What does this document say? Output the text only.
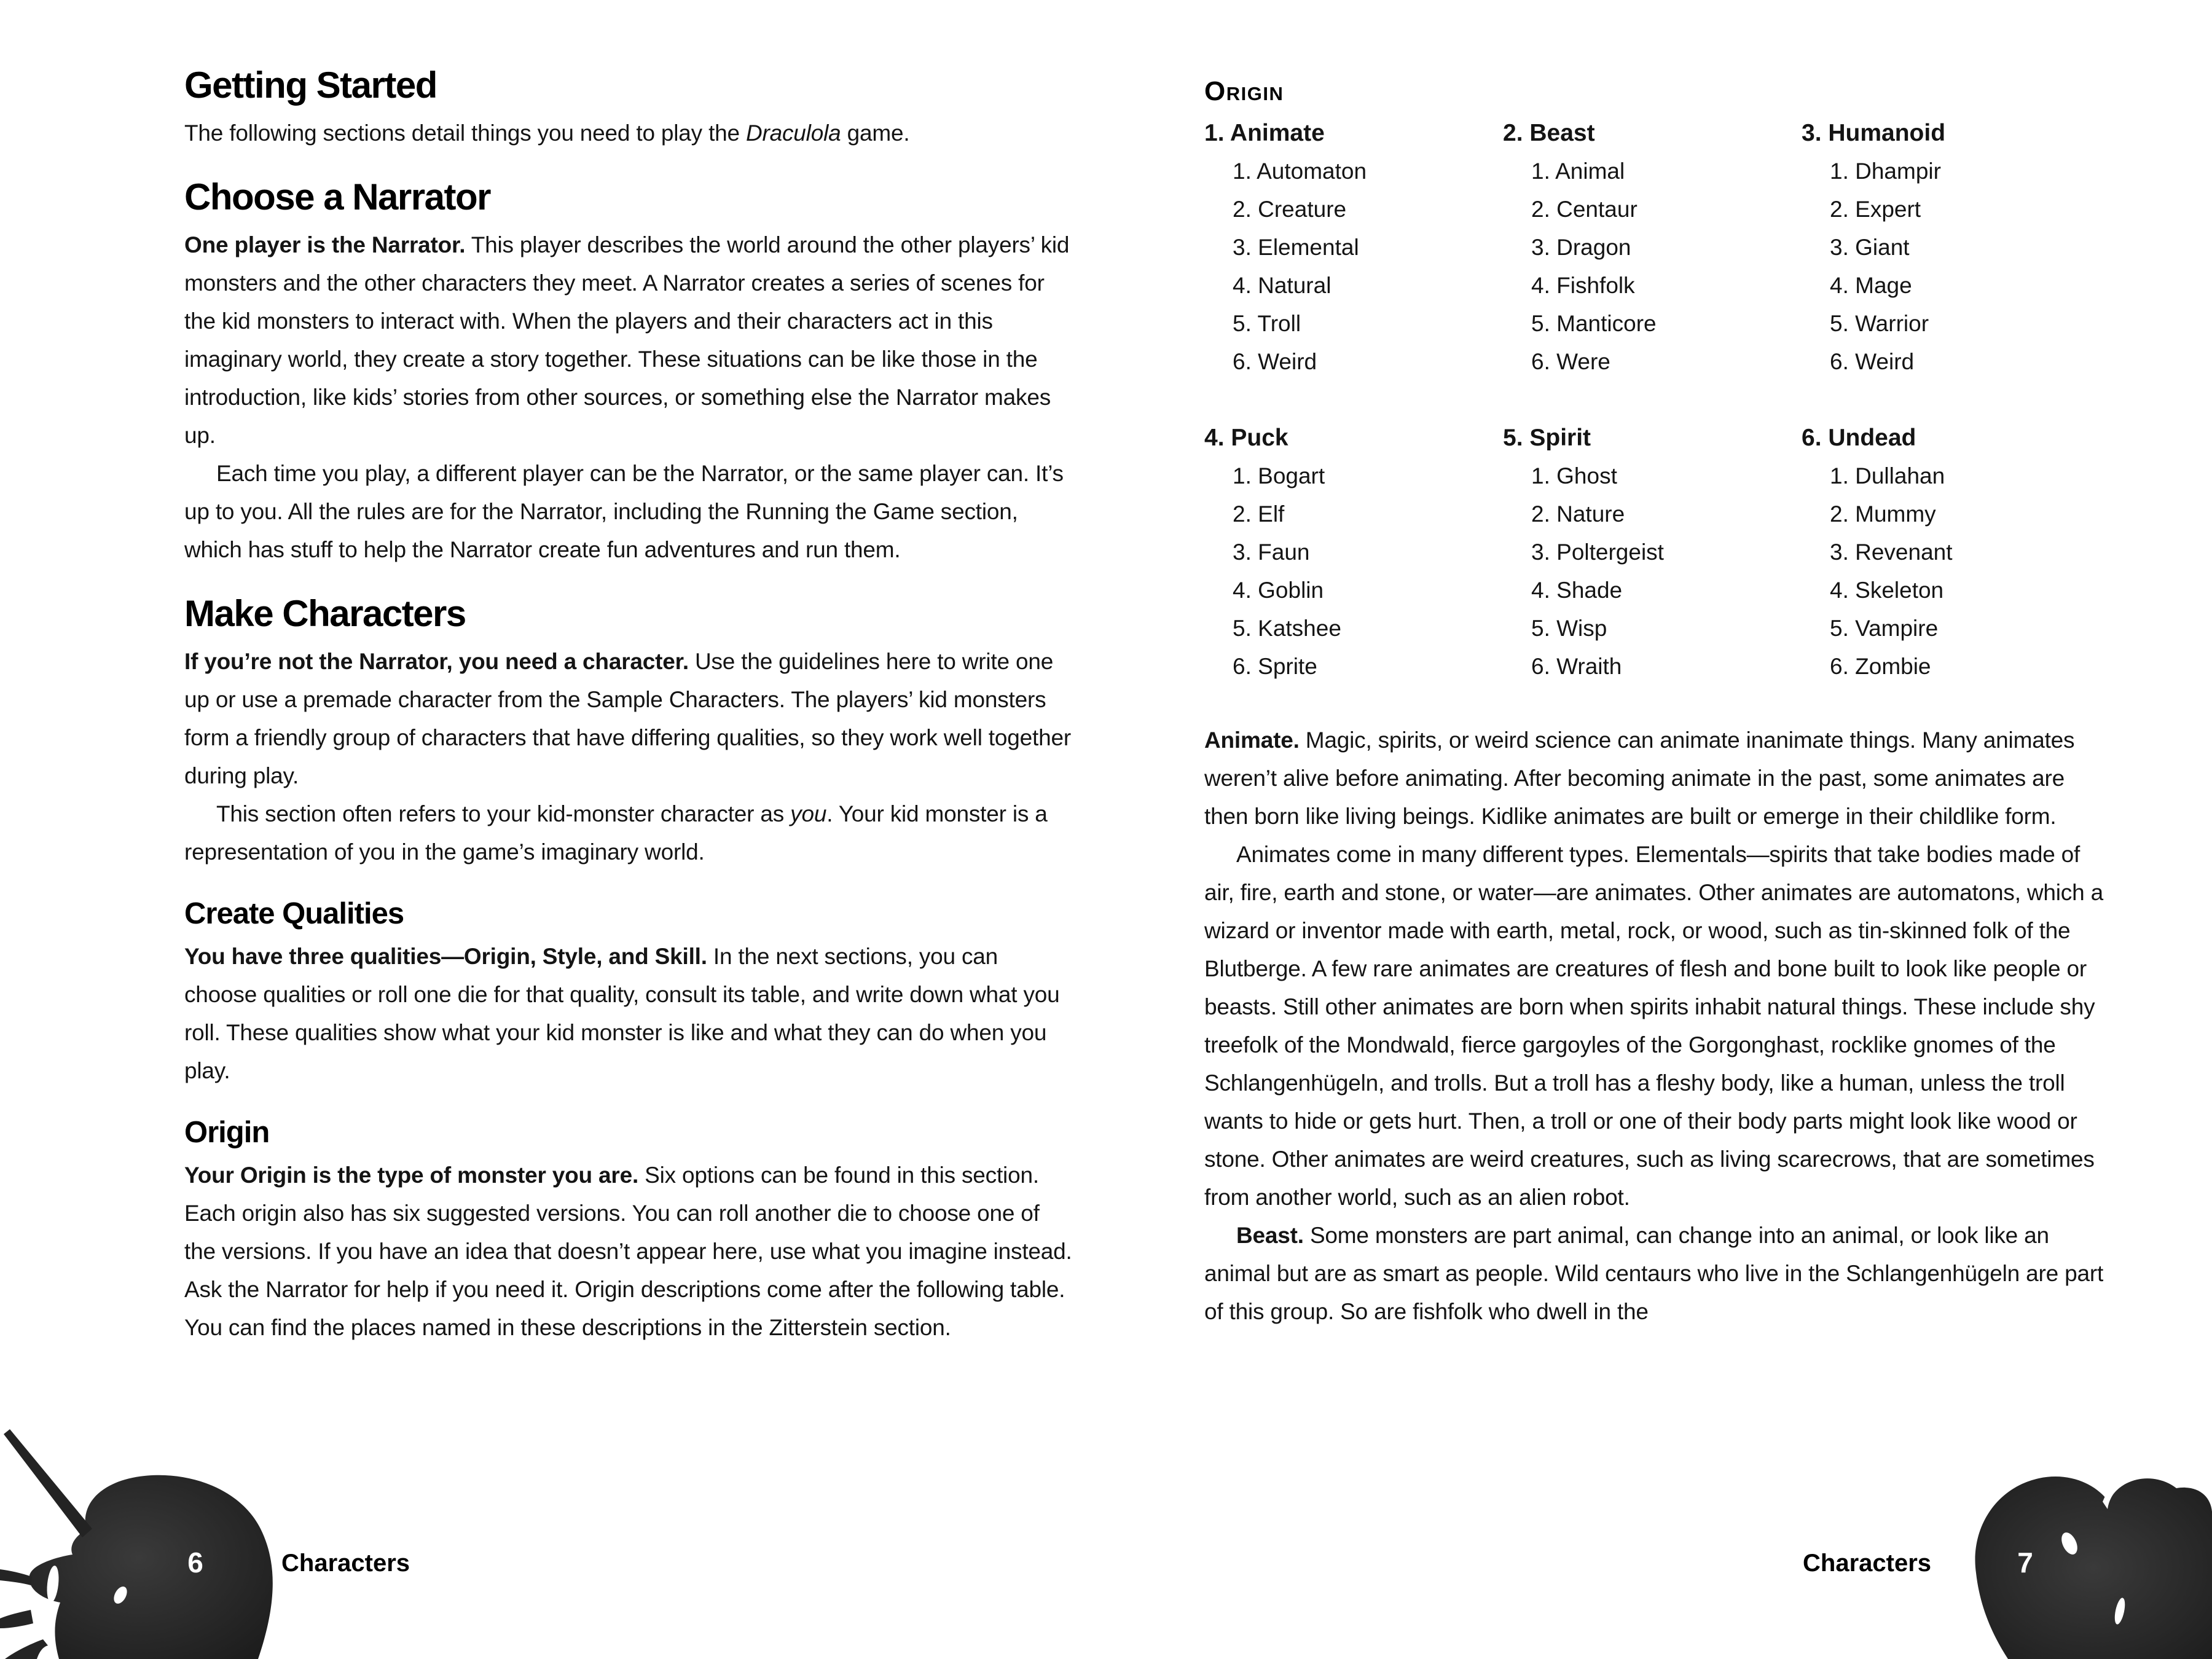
Getting Started

The following sections detail things you need to play the Draculola game.

Choose a Narrator

One player is the Narrator. This player describes the world around the other players’ kid monsters and the other characters they meet. A Narrator creates a series of scenes for the kid monsters to interact with. When the players and their characters act in this imaginary world, they create a story together. These situations can be like those in the introduction, like kids’ stories from other sources, or something else the Narrator makes up.

Each time you play, a different player can be the Narrator, or the same player can. It’s up to you. All the rules are for the Narrator, including the Running the Game section, which has stuff to help the Narrator create fun adventures and run them.

Make Characters

If you’re not the Narrator, you need a character. Use the guidelines here to write one up or use a premade character from the Sample Characters. The players’ kid monsters form a friendly group of characters that have differing qualities, so they work well together during play.

This section often refers to your kid-monster character as you. Your kid monster is a representation of you in the game’s imaginary world.

Create Qualities

You have three qualities—Origin, Style, and Skill. In the next sections, you can choose qualities or roll one die for that quality, consult its table, and write down what you roll. These qualities show what your kid monster is like and what they can do when you play.

Origin

Your Origin is the type of monster you are. Six options can be found in this section. Each origin also has six suggested versions. You can roll another die to choose one of the versions. If you have an idea that doesn’t appear here, use what you imagine instead. Ask the Narrator for help if you need it. Origin descriptions come after the following table. You can find the places named in these descriptions in the Zitterstein section.

Origin
1. Animate
1. Automaton
2. Creature
3. Elemental
4. Natural
5. Troll
6. Weird
2. Beast
1. Animal
2. Centaur
3. Dragon
4. Fishfolk
5. Manticore
6. Were
3. Humanoid
1. Dhampir
2. Expert
3. Giant
4. Mage
5. Warrior
6. Weird
4. Puck
1. Bogart
2. Elf
3. Faun
4. Goblin
5. Katshee
6. Sprite
5. Spirit
1. Ghost
2. Nature
3. Poltergeist
4. Shade
5. Wisp
6. Wraith
6. Undead
1. Dullahan
2. Mummy
3. Revenant
4. Skeleton
5. Vampire
6. Zombie

Animate. Magic, spirits, or weird science can animate inanimate things. Many animates weren’t alive before animating. After becoming animate in the past, some animates are then born like living beings. Kidlike animates are built or emerge in their childlike form.

Animates come in many different types. Elementals—spirits that take bodies made of air, fire, earth and stone, or water—are animates. Other animates are automatons, which a wizard or inventor made with earth, metal, rock, or wood, such as tin-skinned folk of the Blutberge. A few rare animates are creatures of flesh and bone built to look like people or beasts. Still other animates are born when spirits inhabit natural things. These include shy treefolk of the Mondwald, fierce gargoyles of the Gorgonghast, rocklike gnomes of the Schlangenhügeln, and trolls. But a troll has a fleshy body, like a human, unless the troll wants to hide or gets hurt. Then, a troll or one of their body parts might look like wood or stone. Other animates are weird creatures, such as living scarecrows, that are sometimes from another world, such as an alien robot.

Beast. Some monsters are part animal, can change into an animal, or look like an animal but are as smart as people. Wild centaurs who live in the Schlangenhügeln are part of this group. So are fishfolk who dwell in the

6	Characters	Characters	7
